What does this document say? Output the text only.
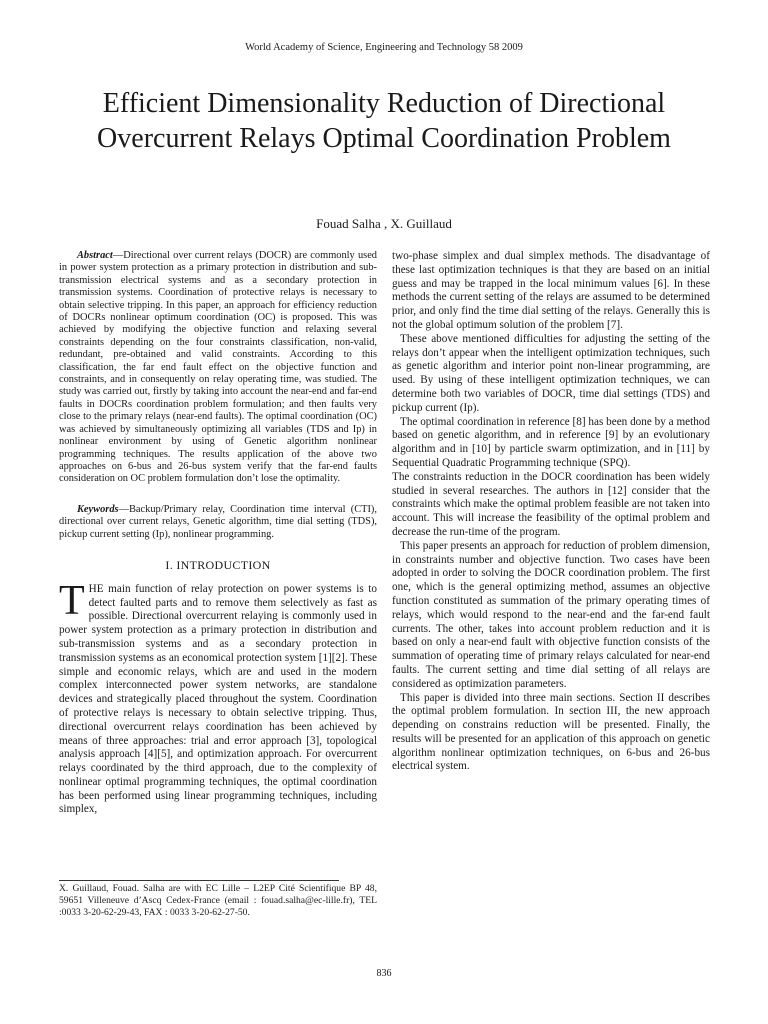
World Academy of Science, Engineering and Technology 58 2009
Efficient Dimensionality Reduction of Directional Overcurrent Relays Optimal Coordination Problem
Fouad Salha , X. Guillaud

Abstract—Directional over current relays (DOCR) are commonly used in power system protection as a primary protection in distribution and sub-transmission electrical systems and as a secondary protection in transmission systems. Coordination of protective relays is necessary to obtain selective tripping. In this paper, an approach for efficiency reduction of DOCRs nonlinear optimum coordination (OC) is proposed. This was achieved by modifying the objective function and relaxing several constraints depending on the four constraints classification, non-valid, redundant, pre-obtained and valid constraints. According to this classification, the far end fault effect on the objective function and constraints, and in consequently on relay operating time, was studied. The study was carried out, firstly by taking into account the near-end and far-end faults in DOCRs coordination problem formulation; and then faults very close to the primary relays (near-end faults). The optimal coordination (OC) was achieved by simultaneously optimizing all variables (TDS and Ip) in nonlinear environment by using of Genetic algorithm nonlinear programming techniques. The results application of the above two approaches on 6-bus and 26-bus system verify that the far-end faults consideration on OC problem formulation don’t lose the optimality.

Keywords—Backup/Primary relay, Coordination time interval (CTI), directional over current relays, Genetic algorithm, time dial setting (TDS), pickup current setting (Ip), nonlinear programming.

I. INTRODUCTION

THE main function of relay protection on power systems is to detect faulted parts and to remove them selectively as fast as possible. Directional overcurrent relaying is commonly used in power system protection as a primary protection in distribution and sub-transmission systems and as a secondary protection in transmission systems as an economical protection system [1][2]. These simple and economic relays, which are and used in the modern complex interconnected power system networks, are standalone devices and strategically placed throughout the system. Coordination of protective relays is necessary to obtain selective tripping. Thus, directional overcurrent relays coordination has been achieved by means of three approaches: trial and error approach [3], topological analysis approach [4][5], and optimization approach. For overcurrent relays coordinated by the third approach, due to the complexity of nonlinear optimal programming techniques, the optimal coordination has been performed using linear programming techniques, including simplex,

two-phase simplex and dual simplex methods. The disadvantage of these last optimization techniques is that they are based on an initial guess and may be trapped in the local minimum values [6]. In these methods the current setting of the relays are assumed to be determined prior, and only find the time dial setting of the relays. Generally this is not the global optimum solution of the problem [7].

These above mentioned difficulties for adjusting the setting of the relays don’t appear when the intelligent optimization techniques, such as genetic algorithm and interior point non-linear programming, are used. By using of these intelligent optimization techniques, we can determine both two variables of DOCR, time dial settings (TDS) and pickup current (Ip).

The optimal coordination in reference [8] has been done by a method based on genetic algorithm, and in reference [9] by an evolutionary algorithm and in [10] by particle swarm optimization, and in [11] by Sequential Quadratic Programming technique (SPQ).

The constraints reduction in the DOCR coordination has been widely studied in several researches. The authors in [12] consider that the constraints which make the optimal problem feasible are not taken into account. This will increase the feasibility of the optimal problem and decrease the run-time of the program.

This paper presents an approach for reduction of problem dimension, in constraints number and objective function. Two cases have been adopted in order to solving the DOCR coordination problem. The first one, which is the general optimizing method, assumes an objective function constituted as summation of the primary operating times of relays, which would respond to the near-end and the far-end fault currents. The other, takes into account problem reduction and it is based on only a near-end fault with objective function consists of the summation of operating time of primary relays calculated for near-end faults. The current setting and time dial setting of all relays are considered as optimization parameters.

This paper is divided into three main sections. Section II describes the optimal problem formulation. In section III, the new approach depending on constrains reduction will be presented. Finally, the results will be presented for an application of this approach on genetic algorithm nonlinear optimization techniques, on 6-bus and 26-bus electrical system.

X. Guillaud, Fouad. Salha are with EC Lille – L2EP Cité Scientifique BP 48, 59651 Villeneuve d’Ascq Cedex-France (email : fouad.salha@ec-lille.fr), TEL :0033 3-20-62-29-43, FAX : 0033 3-20-62-27-50.
836
